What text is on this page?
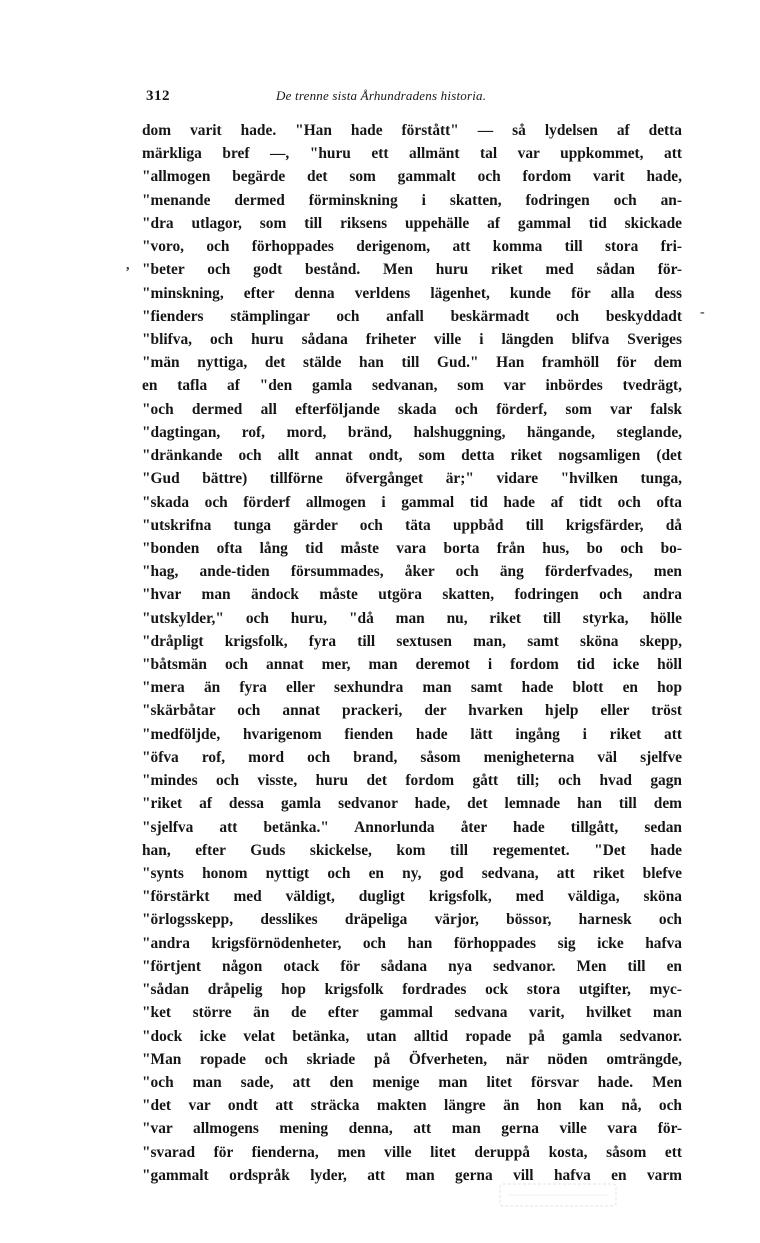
312	De trenne sista Århundradens historia.
,
-
dom varit hade. "Han hade förstått" — så lydelsen af detta
märkliga bref —, "huru ett allmänt tal var uppkommet, att
"allmogen begärde det som gammalt och fordom varit hade,
"menande dermed förminskning i skatten, fodringen och an-
"dra utlagor, som till riksens uppehälle af gammal tid skickade
"voro, och förhoppades derigenom, att komma till stora fri-
"beter och godt bestånd. Men huru riket med sådan för-
"minskning, efter denna verldens lägenhet, kunde för alla dess
"fienders stämplingar och anfall beskärmadt och beskyddadt
"blifva, och huru sådana friheter ville i längden blifva Sveriges
"män nyttiga, det stälde han till Gud." Han framhöll för dem
en tafla af "den gamla sedvanan, som var inbördes tvedrägt,
"och dermed all efterföljande skada och förderf, som var falsk
"dagtingan, rof, mord, bränd, halshuggning, hängande, steglande,
"dränkande och allt annat ondt, som detta riket nogsamligen (det
"Gud bättre) tillförne öfvergånget är;" vidare "hvilken tunga,
"skada och förderf allmogen i gammal tid hade af tidt och ofta
"utskrifna tunga gärder och täta uppbåd till krigsfärder, då
"bonden ofta lång tid måste vara borta från hus, bo och bo-
"hag, ande-tiden försummades, åker och äng förderfvades, men
"hvar man ändock måste utgöra skatten, fodringen och andra
"utskylder," och huru, "då man nu, riket till styrka, hölle
"dråpligt krigsfolk, fyra till sextusen man, samt sköna skepp,
"båtsmän och annat mer, man deremot i fordom tid icke höll
"mera än fyra eller sexhundra man samt hade blott en hop
"skärbåtar och annat prackeri, der hvarken hjelp eller tröst
"medföljde, hvarigenom fienden hade lätt ingång i riket att
"öfva rof, mord och brand, såsom menigheterna väl sjelfve
"mindes och visste, huru det fordom gått till; och hvad gagn
"riket af dessa gamla sedvanor hade, det lemnade han till dem
"sjelfva att betänka." Annorlunda åter hade tillgått, sedan
han, efter Guds skickelse, kom till regementet. "Det hade
"synts honom nyttigt och en ny, god sedvana, att riket blefve
"förstärkt med väldigt, dugligt krigsfolk, med väldiga, sköna
"örlogsskepp, desslikes dräpeliga värjor, bössor, harnesk och
"andra krigsförnödenheter, och han förhoppades sig icke hafva
"förtjent någon otack för sådana nya sedvanor. Men till en
"sådan dråpelig hop krigsfolk fordrades ock stora utgifter, myc-
"ket större än de efter gammal sedvana varit, hvilket man
"dock icke velat betänka, utan alltid ropade på gamla sedvanor.
"Man ropade och skriade på Öfverheten, när nöden omträngde,
"och man sade, att den menige man litet försvar hade. Men
"det var ondt att sträcka makten längre än hon kan nå, och
"var allmogens mening denna, att man gerna ville vara för-
"svarad för fienderna, men ville litet deruppå kosta, såsom ett
"gammalt ordspråk lyder, att man gerna vill hafva en varm
